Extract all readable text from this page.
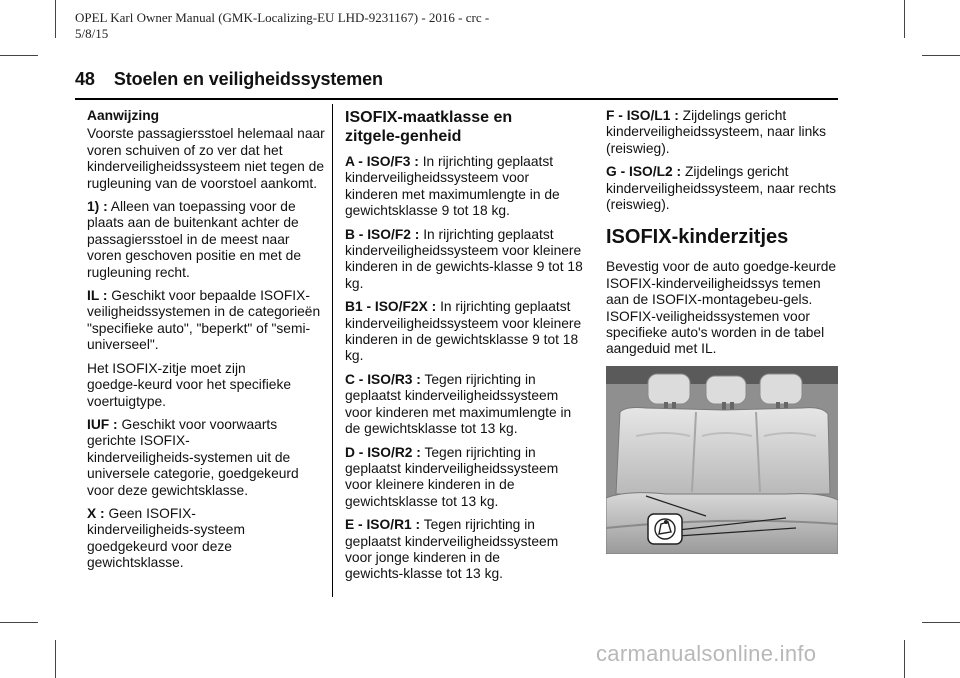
OPEL Karl Owner Manual (GMK-Localizing-EU LHD-9231167) - 2016 - crc -
5/8/15
48 Stoelen en veiligheidssystemen

Aanwijzing

Voorste passagiersstoel helemaal naar voren schuiven of zo ver dat het kinderveiligheidssysteem niet tegen de rugleuning van de voorstoel aankomt.

1) : Alleen van toepassing voor de plaats aan de buitenkant achter de passagiersstoel in de meest naar voren geschoven positie en met de rugleuning recht.

IL : Geschikt voor bepaalde ISOFIX-veiligheidssystemen in de categorieën "specifieke auto", "beperkt" of "semi-universeel".

Het ISOFIX-zitje moet zijn goedge‑keurd voor het specifieke voertuigtype.

IUF : Geschikt voor voorwaarts gerichte ISOFIX- kinderveiligheids‑systemen uit de universele categorie, goedgekeurd voor deze gewichtsklasse.

X : Geen ISOFIX-kinderveiligheids‑systeem goedgekeurd voor deze gewichtsklasse.

ISOFIX-maatklasse en zitgele‑genheid

A - ISO/F3 : In rijrichting geplaatst kinderveiligheidssysteem voor kinderen met maximumlengte in de gewichtsklasse 9 tot 18 kg.

B - ISO/F2 : In rijrichting geplaatst kinderveiligheidssysteem voor kleinere kinderen in de gewichts‑klasse 9 tot 18 kg.

B1 - ISO/F2X : In rijrichting geplaatst kinderveiligheidssysteem voor kleinere kinderen in de gewichtsklasse 9 tot 18 kg.

C - ISO/R3 : Tegen rijrichting in geplaatst kinderveiligheidssysteem voor kinderen met maximumlengte in de gewichtsklasse tot 13 kg.

D - ISO/R2 : Tegen rijrichting in geplaatst kinderveiligheidssysteem voor kleinere kinderen in de gewichtsklasse tot 13 kg.

E - ISO/R1 : Tegen rijrichting in geplaatst kinderveiligheidssysteem voor jonge kinderen in de gewichts‑klasse tot 13 kg.

F - ISO/L1 : Zijdelings gericht kinderveiligheidssysteem, naar links (reiswieg).

G - ISO/L2 : Zijdelings gericht kinderveiligheidssysteem, naar rechts (reiswieg).

ISOFIX-kinderzitjes

Bevestig voor de auto goedge‑keurde ISOFIX-kinderveiligheidssys temen aan de ISOFIX-montagebeu‑gels. ISOFIX-veiligheidssystemen voor specifieke auto's worden in de tabel aangeduid met IL.

carmanualsonline.info
